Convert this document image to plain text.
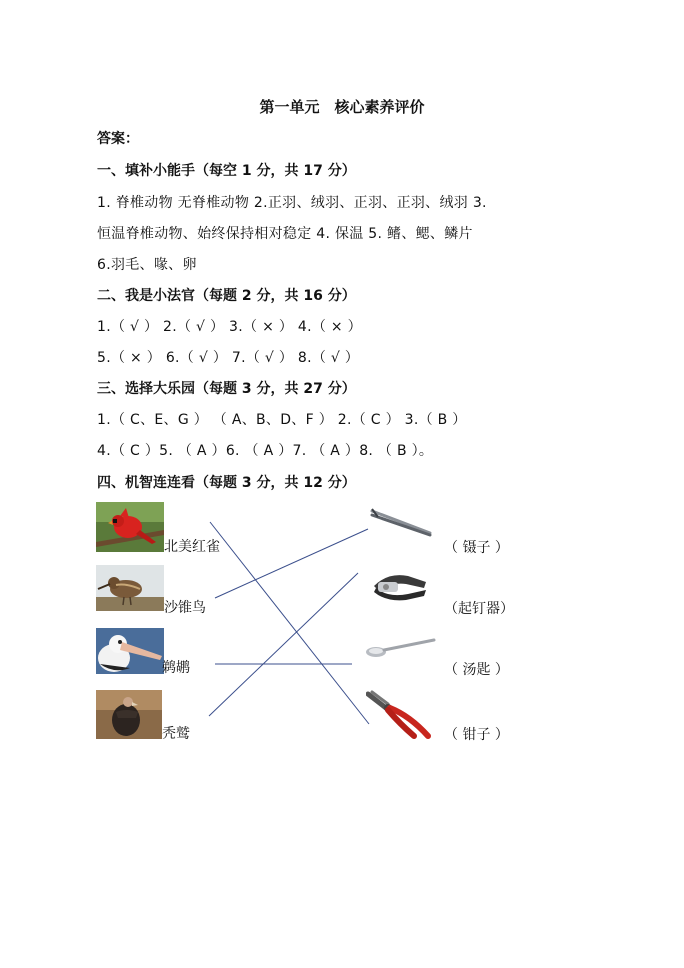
第一单元　核心素养评价
答案：
一、填补小能手（每空 1 分，共 17 分）
1. 脊椎动物 无脊椎动物 2.正羽、绒羽、正羽、正羽、绒羽 3.
恒温脊椎动物、始终保持相对稳定 4. 保温 5. 鳍、鳃、鳞片
6.羽毛、喙、卵
二、我是小法官（每题 2 分，共 16 分）
1.（ √ ） 2.（ √ ） 3.（ × ） 4.（ × ）
5.（ × ） 6.（ √ ） 7.（ √ ） 8.（ √ ）
三、选择大乐园（每题 3 分，共 27 分）
1.（ C、E、G ） （ A、B、D、F ） 2.（ C ） 3.（ B ）
4.（ C ）5. （ A ）6. （ A ）7. （ A ）8. （ B ）。
四、机智连连看（每题 3 分，共 12 分）
北美红雀
沙锥鸟
鹈鹕
秃鹫
（ 镊子 ）
（起钉器）
（ 汤匙 ）
（ 钳子 ）
